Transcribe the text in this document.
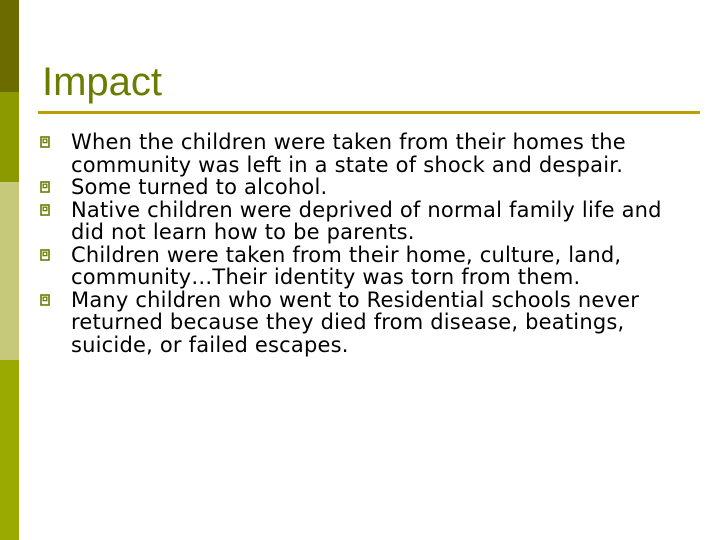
Impact
When the children were taken from their homes the community was left in a state of shock and despair.
Some turned to alcohol.
Native children were deprived of normal family life and did not learn how to be parents.
Children were taken from their home, culture, land, community…Their identity was torn from them.
Many children who went to Residential schools never returned because they died from disease, beatings, suicide, or failed escapes.
